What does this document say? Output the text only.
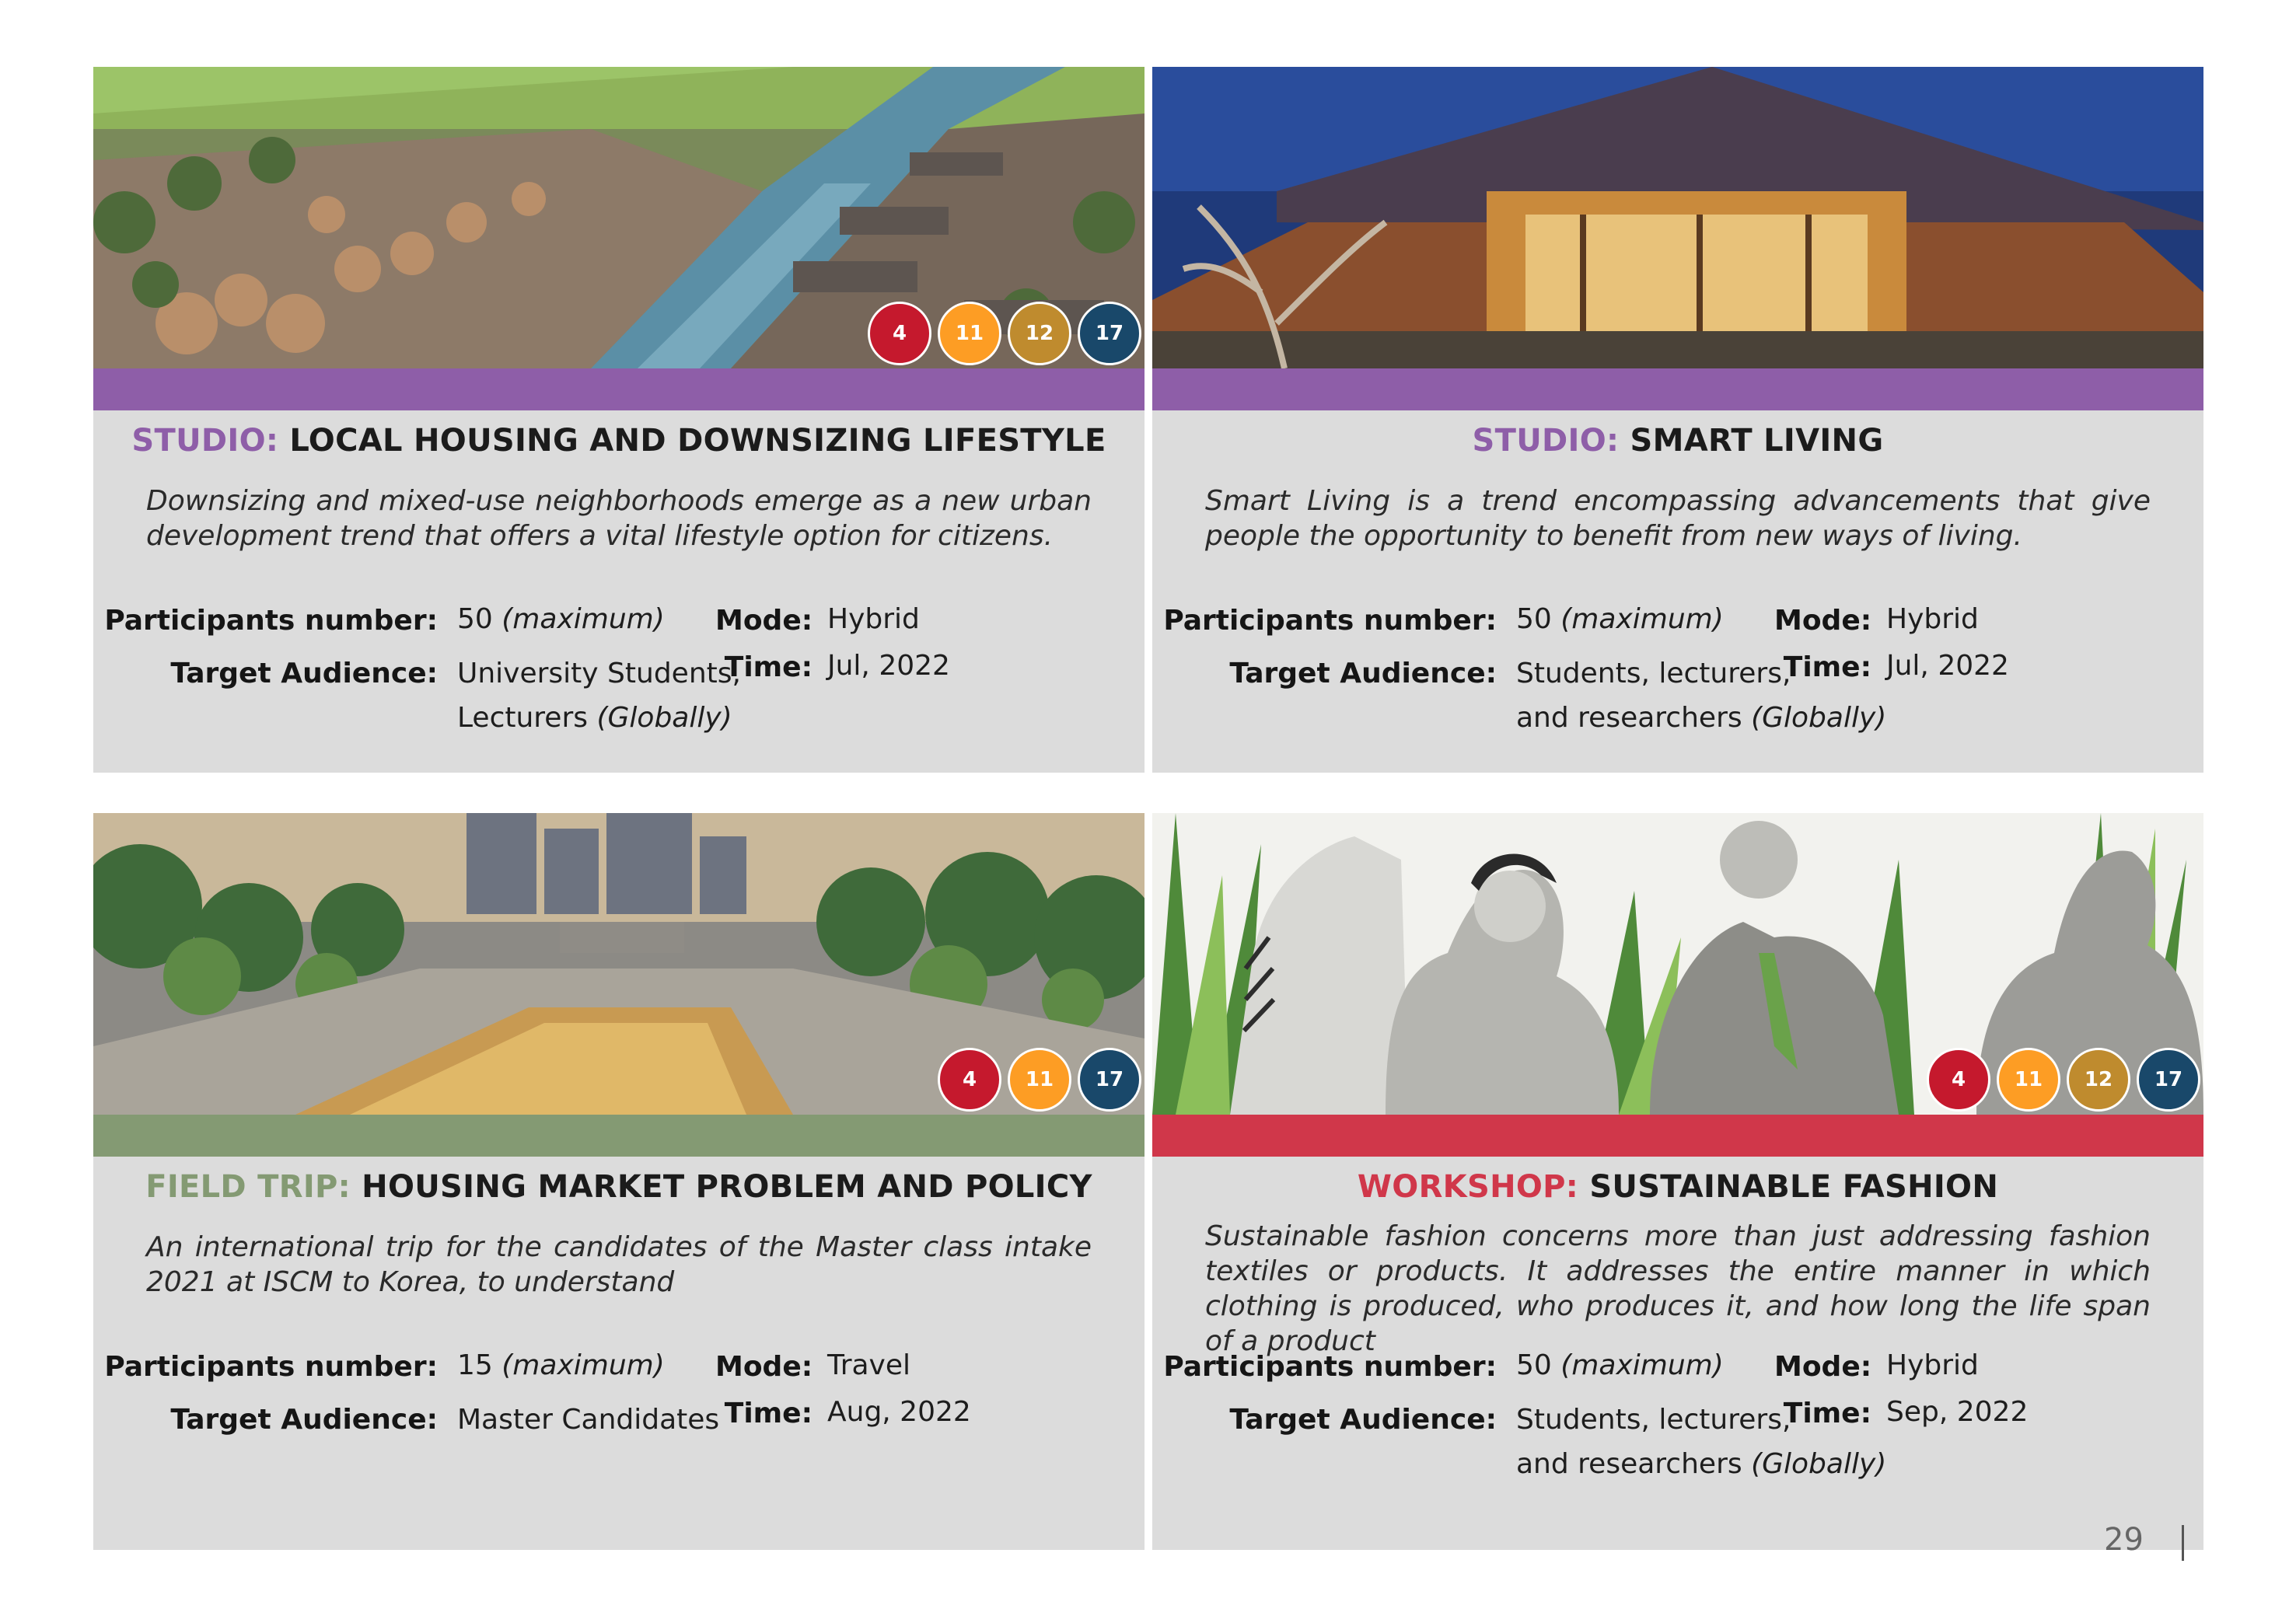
4	11	12	17
STUDIO: LOCAL HOUSING AND DOWNSIZING LIFESTYLE
Downsizing and mixed-use neighborhoods emerge as a new urban development trend that offers a vital lifestyle option for citizens.
Participants number: 50 (maximum)
Target Audience: University Students,
Lecturers (Globally)
Mode: Hybrid
Time: Jul, 2022
STUDIO: SMART LIVING
Smart Living is a trend encompassing advancements that give people the opportunity to benefit from new ways of living.
Participants number: 50 (maximum)
Target Audience: Students, lecturers,
and researchers (Globally)
Mode: Hybrid
Time: Jul, 2022
4	11	17
FIELD TRIP: HOUSING MARKET PROBLEM AND POLICY
An international trip for the candidates of the Master class intake 2021 at ISCM to Korea, to understand
Participants number: 15 (maximum)
Target Audience: Master Candidates
Mode: Travel
Time: Aug, 2022
4	11	12	17
WORKSHOP: SUSTAINABLE FASHION
Sustainable fashion concerns more than just addressing fashion textiles or products. It addresses the entire manner in which clothing is produced, who produces it, and how long the life span of a product
Participants number: 50 (maximum)
Target Audience: Students, lecturers,
and researchers (Globally)
Mode: Hybrid
Time: Sep, 2022
29
